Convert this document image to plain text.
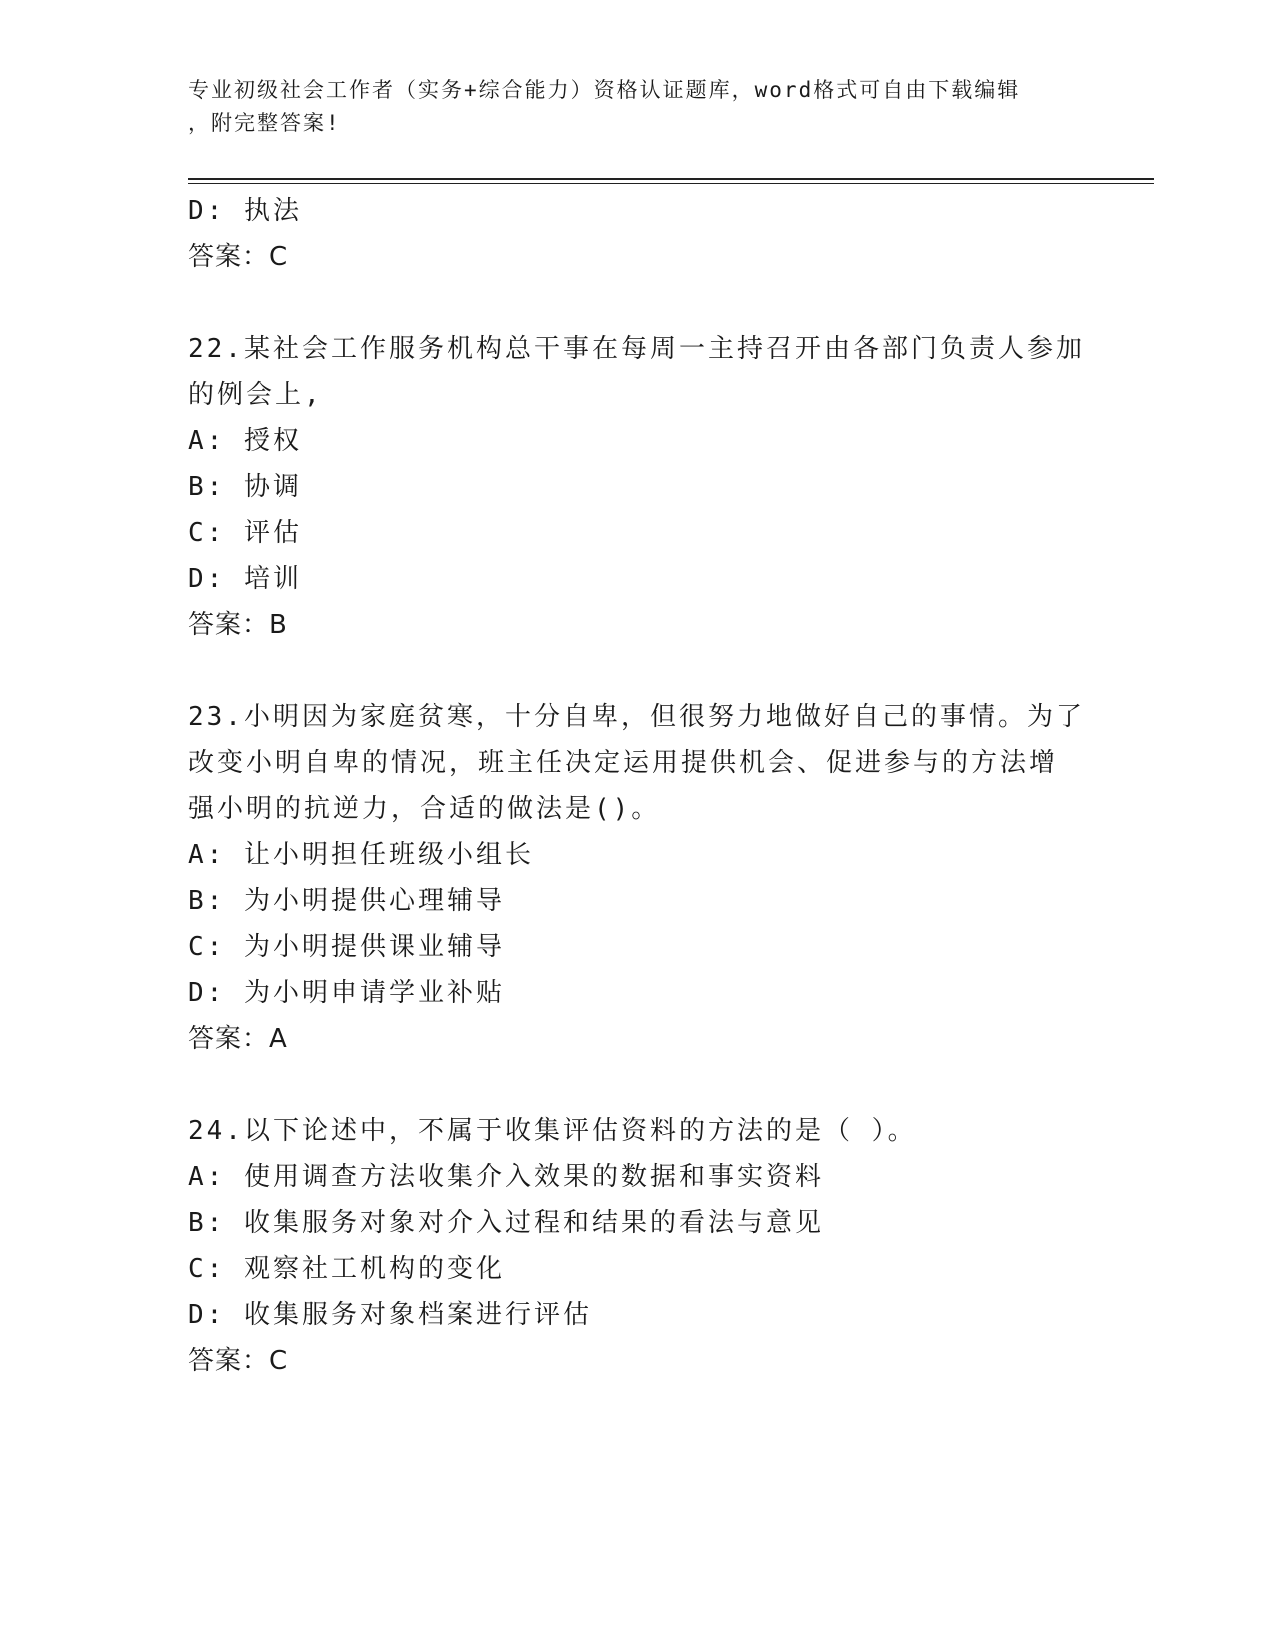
专业初级社会工作者（实务+综合能力）资格认证题库，word格式可自由下载编辑
，附完整答案!
D: 执法
答案：C
22.某社会工作服务机构总干事在每周一主持召开由各部门负责人参加
的例会上,
A: 授权
B: 协调
C: 评估
D: 培训
答案：B
23.小明因为家庭贫寒，十分自卑，但很努力地做好自己的事情。为了
改变小明自卑的情况，班主任决定运用提供机会、促进参与的方法增
强小明的抗逆力，合适的做法是()。
A: 让小明担任班级小组长
B: 为小明提供心理辅导
C: 为小明提供课业辅导
D: 为小明申请学业补贴
答案：A
24.以下论述中，不属于收集评估资料的方法的是（ ）。
A: 使用调查方法收集介入效果的数据和事实资料
B: 收集服务对象对介入过程和结果的看法与意见
C: 观察社工机构的变化
D: 收集服务对象档案进行评估
答案：C
